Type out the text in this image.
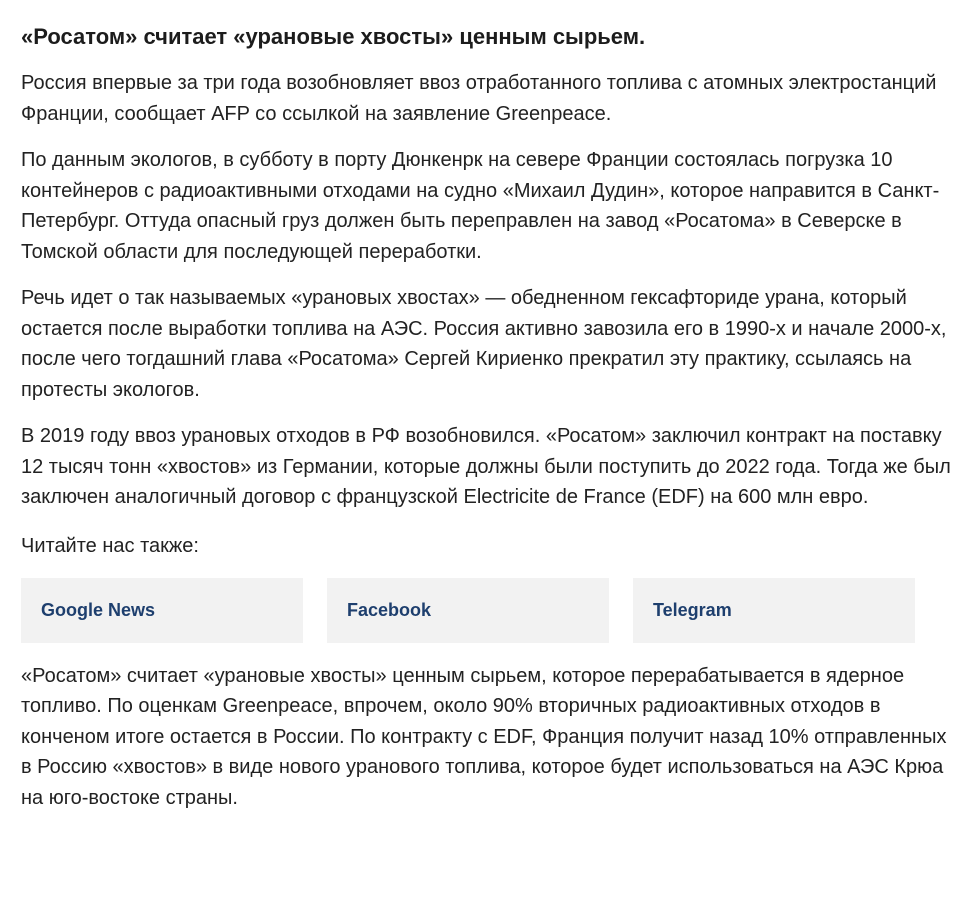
«Росатом» считает «урановые хвосты» ценным сырьем.

Россия впервые за три года возобновляет ввоз отработанного топлива с атомных электростанций Франции, сообщает AFP со ссылкой на заявление Greenpeace.

По данным экологов, в субботу в порту Дюнкенрк на севере Франции состоялась погрузка 10 контейнеров с радиоактивными отходами на судно «Михаил Дудин», которое направится в Санкт-Петербург. Оттуда опасный груз должен быть переправлен на завод «Росатома» в Северске в Томской области для последующей переработки.

Речь идет о так называемых «урановых хвостах» — обедненном гексафториде урана, который остается после выработки топлива на АЭС. Россия активно завозила его в 1990-х и начале 2000-х, после чего тогдашний глава «Росатома» Сергей Кириенко прекратил эту практику, ссылаясь на протесты экологов.

В 2019 году ввоз урановых отходов в РФ возобновился. «Росатом» заключил контракт на поставку 12 тысяч тонн «хвостов» из Германии, которые должны были поступить до 2022 года. Тогда же был заключен аналогичный договор с французской Electricite de France (EDF) на 600 млн евро.

Читайте нас также:

Google News	Facebook	Telegram

«Росатом» считает «урановые хвосты» ценным сырьем, которое перерабатывается в ядерное топливо. По оценкам Greenpeace, впрочем, около 90% вторичных радиоактивных отходов в конченом итоге остается в России. По контракту с EDF, Франция получит назад 10% отправленных в Россию «хвостов» в виде нового уранового топлива, которое будет использоваться на АЭС Крюа на юго-востоке страны.
